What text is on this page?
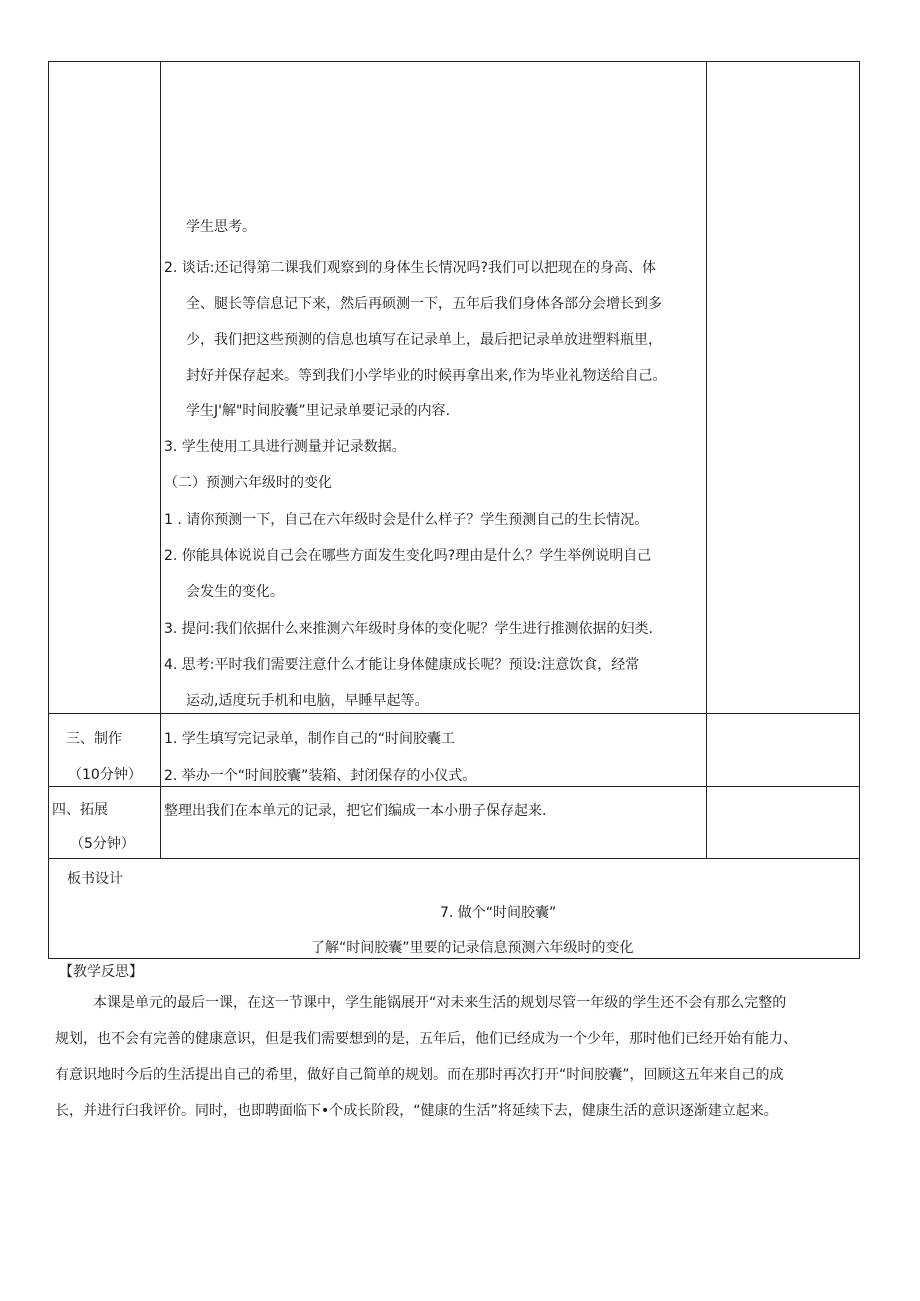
学生思考。
2. 谈话:还记得第二课我们观察到的身体生长情况吗?我们可以把现在的身高、体
全、腿长等信息记下来，然后再硕测一下，五年后我们身体各部分会增长到多
少，我们把这些预测的信息也填写在记录单上，最后把记录单放进塑料瓶里，
封好并保存起来。等到我们小学毕业的时候再拿出来,作为毕业礼物送给自己。
学生J'解"时间胶囊”里记录单要记录的内容.
3. 学生使用工具进行测量并记录数据。
（二）预测六年级时的变化
1 . 请你预测一下，自己在六年级时会是什么样子？学生预测自己的生长情况。
2. 你能具体说说自己会在哪些方面发生变化吗?理由是什么？学生举例说明自己
会发生的变化。
3. 提问:我们依据什么来推测六年级时身体的变化呢？学生进行推测依据的妇类.
4. 思考:平时我们需要注意什么才能让身体健康成长呢？预设:注意饮食，经常
运动,适度玩手机和电脑，早睡早起等。
三、制作
（10分钟）
1. 学生填写完记录单，制作自己的“时间胶囊工
2. 举办一个“时间胶囊”装箱、封闭保存的小仪式。
四、拓展
（5分钟）
整理出我们在本单元的记录，把它们编成一本小册子保存起来.
板书设计
7. 做个“时间胶囊”
了解“时间胶囊”里要的记录信息预测六年级时的变化
【教学反思】
本课是单元的最后一课，在这一节课中，学生能锅展开“对未来生活的规划尽管一年级的学生还不会有那么完整的
规划，也不会有完善的健康意识，但是我们需要想到的是，五年后，他们已经成为一个少年，那时他们已经开始有能力、
有意识地时今后的生活提出自己的希里，做好自己简单的规划。而在那时再次打开“时间胶囊”，回顾这五年来自己的成
长，并进行臼我评价。同时，也即聘面临下•个成长阶段，“健康的生活”将延续下去，健康生活的意识逐渐建立起来。
